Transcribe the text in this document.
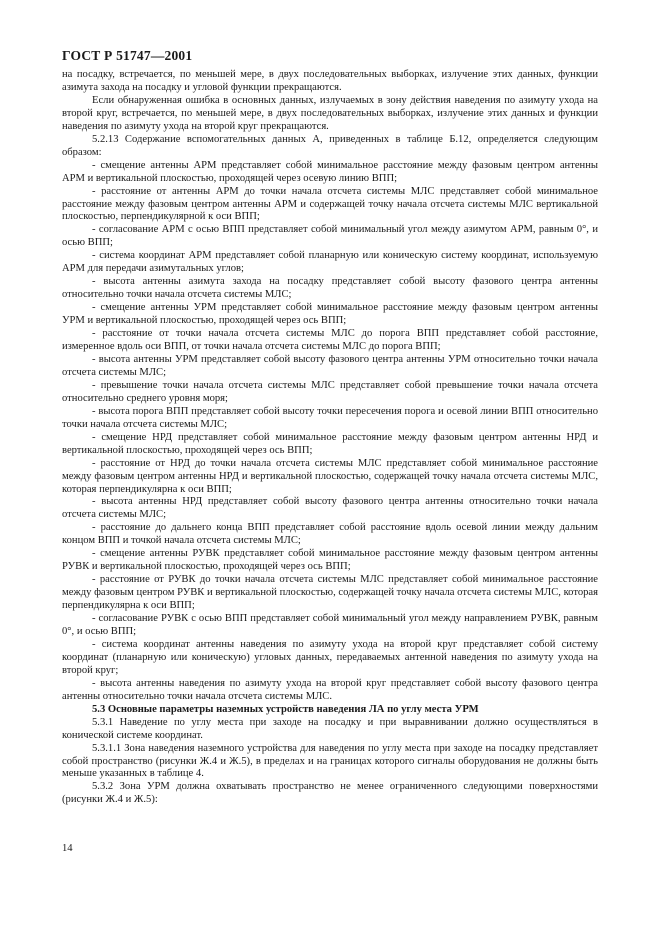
ГОСТ Р 51747—2001

на посадку, встречается, по меньшей мере, в двух последовательных выборках, излучение этих данных, функции азимута захода на посадку и угловой функции прекращаются.

Если обнаруженная ошибка в основных данных, излучаемых в зону действия наведения по азимуту ухода на второй круг, встречается, по меньшей мере, в двух последовательных выборках, излучение этих данных и функции наведения по азимуту ухода на второй круг прекращаются.

5.2.13 Содержание вспомогательных данных А, приведенных в таблице Б.12, определяется следующим образом:

- смещение антенны АРМ представляет собой минимальное расстояние между фазовым центром антенны АРМ и вертикальной плоскостью, проходящей через осевую линию ВПП;

- расстояние от антенны АРМ до точки начала отсчета системы МЛС представляет собой минимальное расстояние между фазовым центром антенны АРМ и содержащей точку начала отсчета системы МЛС вертикальной плоскостью, перпендикулярной к оси ВПП;

- согласование АРМ с осью ВПП представляет собой минимальный угол между азимутом АРМ, равным 0°, и осью ВПП;

- система координат АРМ представляет собой планарную или коническую систему координат, используемую АРМ для передачи азимутальных углов;

- высота антенны азимута захода на посадку представляет собой высоту фазового центра антенны относительно точки начала отсчета системы МЛС;

- смещение антенны УРМ представляет собой минимальное расстояние между фазовым центром антенны УРМ и вертикальной плоскостью, проходящей через ось ВПП;

- расстояние от точки начала отсчета системы МЛС до порога ВПП представляет собой расстояние, измеренное вдоль оси ВПП, от точки начала отсчета системы МЛС до порога ВПП;

- высота антенны УРМ представляет собой высоту фазового центра антенны УРМ относительно точки начала отсчета системы МЛС;

- превышение точки начала отсчета системы МЛС представляет собой превышение точки начала отсчета относительно среднего уровня моря;

- высота порога ВПП представляет собой высоту точки пересечения порога и осевой линии ВПП относительно точки начала отсчета системы МЛС;

- смещение НРД представляет собой минимальное расстояние между фазовым центром антенны НРД и вертикальной плоскостью, проходящей через ось ВПП;

- расстояние от НРД до точки начала отсчета системы МЛС представляет собой минимальное расстояние между фазовым центром антенны НРД и вертикальной плоскостью, содержащей точку начала отсчета системы МЛС, которая перпендикулярна к оси ВПП;

- высота антенны НРД представляет собой высоту фазового центра антенны относительно точки начала отсчета системы МЛС;

- расстояние до дальнего конца ВПП представляет собой расстояние вдоль осевой линии между дальним концом ВПП и точкой начала отсчета системы МЛС;

- смещение антенны РУВК представляет собой минимальное расстояние между фазовым центром антенны РУВК и вертикальной плоскостью, проходящей через ось ВПП;

- расстояние от РУВК до точки начала отсчета системы МЛС представляет собой минимальное расстояние между фазовым центром РУВК и вертикальной плоскостью, содержащей точку начала отсчета системы МЛС, которая перпендикулярна к оси ВПП;

- согласование РУВК с осью ВПП представляет собой минимальный угол между направлением РУВК, равным 0°, и осью ВПП;

- система координат антенны наведения по азимуту ухода на второй круг представляет собой систему координат (планарную или коническую) угловых данных, передаваемых антенной наведения по азимуту ухода на второй круг;

- высота антенны наведения по азимуту ухода на второй круг представляет собой высоту фазового центра антенны относительно точки начала отсчета системы МЛС.

5.3 Основные параметры наземных устройств наведения ЛА по углу места УРМ

5.3.1 Наведение по углу места при заходе на посадку и при выравнивании должно осуществляться в конической системе координат.

5.3.1.1 Зона наведения наземного устройства для наведения по углу места при заходе на посадку представляет собой пространство (рисунки Ж.4 и Ж.5), в пределах и на границах которого сигналы оборудования не должны быть меньше указанных в таблице 4.

5.3.2 Зона УРМ должна охватывать пространство не менее ограниченного следующими поверхностями (рисунки Ж.4 и Ж.5):

14
